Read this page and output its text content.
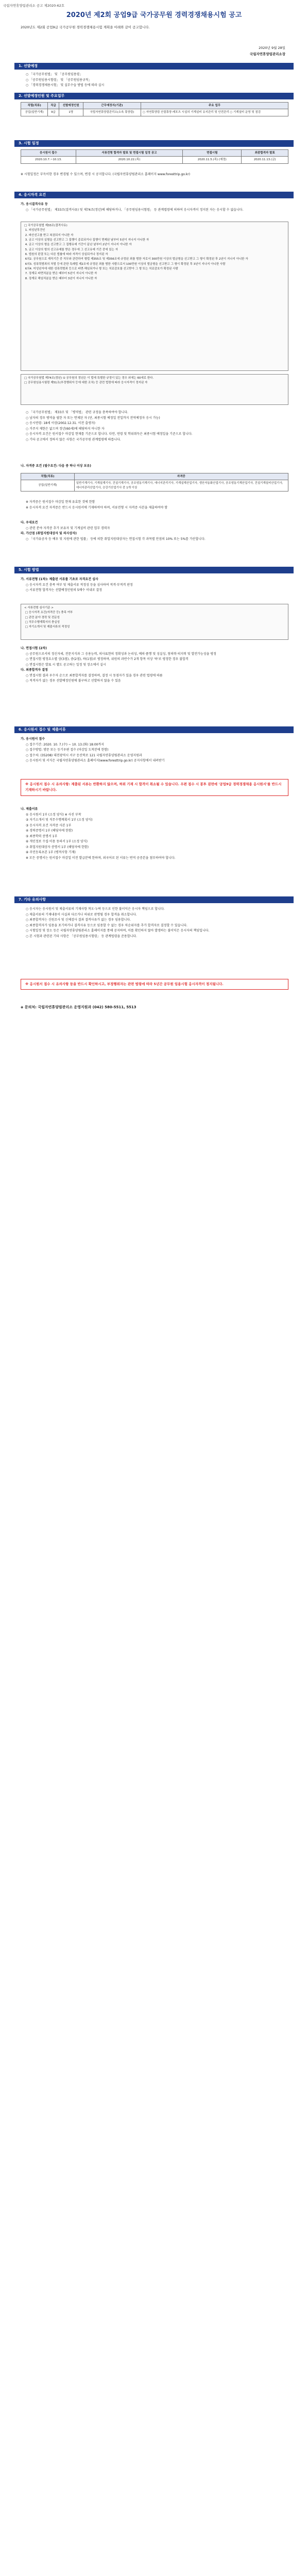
국립자연휴양림관리소 공고 제2020-62호
2020년 제2회 공업9급 국가공무원 경력경쟁채용시험 공고
2020년도 제2회 공업9급 국가공무원 경력경쟁채용시험 계획을 아래와 같이 공고합니다.
2020년 9월 28일
국립자연휴양림관리소장
1. 선발예정
○ 「국가공무원법」 및 「공무원임용령」
○ 「공무원임용시험령」 및 「공무원임용규칙」
○ 「경력경쟁채용시험」 및 실무수습 방법 등에 따라 실시
2. 선발예정인원 및 주요업무
직렬(직류)	직급	선발예정인원	근무예정지(기관)	주요 업무
공업(일반기계)	9급	1명	국립자연휴양림관리소(소속 휴양림)	○ 자연휴양림 산림휴양·레포츠 시설의 기계설비 유지관리 및 안전관리 ○ 기계설비 운영 및 점검
3. 시험 일정
응시원서 접수	서류전형 합격자 발표 및 면접시험 일정 공고	면접시험	최종합격자 발표
2020.10.7.~10.13.	2020.10.22.(목)	2020.11.5.(목) (예정)	2020.11.13.(금)
※ 시험일정은 부득이한 경우 변경될 수 있으며, 변경 시 공지합니다. (국립자연휴양림관리소 홈페이지 www.foresttrip.go.kr)
4. 응시자격 요건
가. 응시결격사유 등
○ 「국가공무원법」 제33조(결격사유) 및 제74조(정년)에 해당하거나, 「공무원임용시험령」 등 관계법령에 의하여 응시자격이 정지된 자는 응시할 수 없습니다.
□ 국가공무원법 제33조(결격사유)
1. 피성년후견인
2. 파산선고를 받고 복권되지 아니한 자
3. 금고 이상의 실형을 선고받고 그 집행이 종료되거나 집행이 면제된 날부터 5년이 지나지 아니한 자
4. 금고 이상의 형을 선고받고 그 집행유예 기간이 끝난 날부터 2년이 지나지 아니한 자
5. 금고 이상의 형의 선고유예를 받은 경우에 그 선고유예 기간 중에 있는 자
6. 법원의 판결 또는 다른 법률에 따라 자격이 상실되거나 정지된 자
6의2. 공무원으로 재직기간 중 직무와 관련하여 형법 제355조 및 제356조에 규정된 죄를 범한 자로서 300만원 이상의 벌금형을 선고받고 그 형이 확정된 후 2년이 지나지 아니한 자
6의3. 성폭력범죄의 처벌 등에 관한 특례법 제2조에 규정된 죄를 범한 사람으로서 100만원 이상의 벌금형을 선고받고 그 형이 확정된 후 3년이 지나지 아니한 사람
6의4. 미성년자에 대한 성폭력범죄 등으로 파면·해임되거나 형 또는 치료감호를 선고받아 그 형 또는 치료감호가 확정된 사람
7. 징계로 파면처분을 받은 때부터 5년이 지나지 아니한 자
8. 징계로 해임처분을 받은 때부터 3년이 지나지 아니한 자
□ 국가공무원법 제74조(정년) ① 공무원의 정년은 이 법에 특별한 규정이 있는 경우 외에는 60세로 한다.
□ 공무원임용시험령 제51조(부정행위자 등에 대한 조치) 등 관련 법령에 따라 응시자격이 정지된 자
○ 「국가공무원법」 제33조 및 「병역법」 관련 규정을 충족하여야 합니다.
○ 남자의 경우 병역을 필한 자 또는 면제된 자 (단, 최종시험 예정일 전일까지 전역예정자 응시 가능)
○ 응시연령: 18세 이상(2002.12.31. 이전 출생자)
○ 거주지 제한은 없으며 정년(60세)에 해당하지 아니한 자
○ 응시자격 요건은 원서접수 마감일 현재를 기준으로 합니다. 다만, 연령 및 학위취득은 최종시험 예정일을 기준으로 합니다.
○ 기타 공고에서 정하지 않은 사항은 국가공무원 관계법령에 따릅니다.
나. 자격증 요건 (필수요건: 다음 중 하나 이상 보유)
직렬(직류)	자격증
공업(일반기계)	일반기계기사, 기계설계기사, 건설기계기사, 공조냉동기계기사, 에너지관리기사, 기계설계산업기사, 생산자동화산업기사, 공조냉동기계산업기사, 건설기계설비산업기사, 에너지관리산업기사, 승강기산업기사 중 1개 이상
※ 자격증은 원서접수 마감일 현재 유효한 것에 한함
※ 응시자격 요건 자격증은 반드시 응시원서에 기재하여야 하며, 서류전형 시 자격증 사본을 제출하여야 함
다. 우대요건
○ 관련 분야 자격증 추가 보유자 및 기계설비 관련 업무 경력자
라. 가산점 (취업지원대상자 및 의사상자)
○ 「국가유공자 등 예우 및 지원에 관한 법률」 등에 의한 취업지원대상자는 면접시험 각 과목별 만점의 10% 또는 5%를 가산합니다.
5. 시험 방법
가. 서류전형 (1차): 제출된 서류를 기초로 자격요건 심사
○ 응시자격 요건 충족 여부 및 제출서류 적정성 등을 심사하여 적격·부적격 판정
○ 서류전형 합격자는 선발예정인원의 5배수 이내로 결정
< 서류전형 심사기준 >
□ 응시자격 요건(자격증 등) 충족 여부
□ 관련 분야 경력 및 전문성
□ 직무수행계획서의 충실성
□ 자기소개서 및 제출서류의 적정성
나. 면접시험 (2차)
○ 공무원으로서의 정신자세, 전문지식과 그 응용능력, 의사표현의 정확성과 논리성, 예의·품행 및 성실성, 창의력·의지력 및 발전가능성을 평정
○ 면접시험 평정요소별 상(3점), 중(2점), 하(1점)로 평정하며, 위원의 과반수가 2개 항목 이상 '하'로 평정한 경우 불합격
○ 면접시험은 발표 시 별도 공고하는 일정 및 장소에서 실시
다. 최종합격자 결정
○ 면접시험 결과 우수자 순으로 최종합격자를 결정하며, 결정 시 동점자가 있을 경우 관련 법령에 따름
○ 적격자가 없는 경우 선발예정인원에 불구하고 선발하지 않을 수 있음
6. 응시원서 접수 및 제출서류
가. 응시원서 접수
○ 접수기간: 2020. 10. 7.(수) ~ 10. 13.(화) 18:00까지
○ 접수방법: 방문 또는 등기우편 접수 (마감일 도착분에 한함)
○ 접수처: (35208) 대전광역시 서구 둔산북로 121 국립자연휴양림관리소 운영지원과
○ 응시원서 및 서식은 국립자연휴양림관리소 홈페이지(www.foresttrip.go.kr) 공지사항에서 내려받기
※ 응시원서 접수 시 유의사항: 제출된 서류는 반환하지 않으며, 허위 기재 시 합격이 취소될 수 있습니다. 우편 접수 시 봉투 겉면에 '공업9급 경력경쟁채용 응시원서'를 반드시 기재하시기 바랍니다.
나. 제출서류
① 응시원서 1부 (소정 양식) ※ 사진 부착
② 자기소개서 및 직무수행계획서 1부 (소정 양식)
③ 응시자격 요건 자격증 사본 1부
④ 경력증명서 1부 (해당자에 한함)
⑤ 최종학력 증명서 1부
⑥ 개인정보 수집·이용 동의서 1부 (소정 양식)
⑦ 취업지원대상자 증명서 1부 (해당자에 한함)
⑧ 주민등록초본 1부 (병적사항 기재)
※ 모든 증명서는 원서접수 마감일 이전 발급분에 한하며, 외국어로 된 서류는 번역 공증본을 첨부하여야 합니다.
7. 기타 유의사항
○ 응시자는 응시원서 및 제출서류의 기재사항 착오·누락 등으로 인한 불이익은 응시자 책임으로 합니다.
○ 제출서류의 기재내용이 사실과 다르거나 허위로 판명될 경우 합격을 취소합니다.
○ 최종합격자는 신원조사 및 신체검사 결과 결격사유가 없는 경우 임용합니다.
○ 최종합격자가 임용을 포기하거나 결격사유 등으로 임용할 수 없는 경우 차순위자를 추가 합격자로 결정할 수 있습니다.
○ 시험일정 및 장소 등은 국립자연휴양림관리소 홈페이지를 통해 공지하며, 이를 확인하지 않아 발생하는 불이익은 응시자의 책임입니다.
○ 본 시험과 관련된 기타 사항은 「공무원임용시험령」 등 관계법령을 준용합니다.
※ 응시원서 접수 시 유의사항 등을 반드시 확인하시고, 부정행위자는 관련 법령에 따라 5년간 공무원 임용시험 응시자격이 정지됩니다.
◈ 문의처: 국립자연휴양림관리소 운영지원과 (042) 580-5511, 5513
